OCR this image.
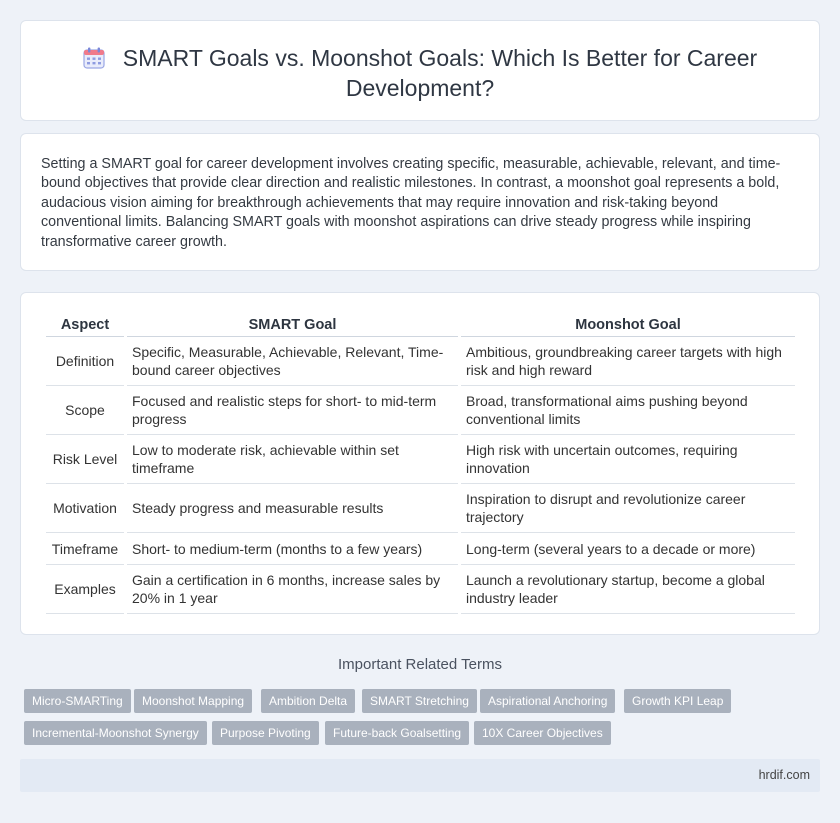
SMART Goals vs. Moonshot Goals: Which Is Better for Career Development?

Setting a SMART goal for career development involves creating specific, measurable, achievable, relevant, and time-bound objectives that provide clear direction and realistic milestones. In contrast, a moonshot goal represents a bold, audacious vision aiming for breakthrough achievements that may require innovation and risk-taking beyond conventional limits. Balancing SMART goals with moonshot aspirations can drive steady progress while inspiring transformative career growth.

Aspect	SMART Goal	Moonshot Goal
Definition	Specific, Measurable, Achievable, Relevant, Time-bound career objectives	Ambitious, groundbreaking career targets with high risk and high reward
Scope	Focused and realistic steps for short- to mid-term progress	Broad, transformational aims pushing beyond conventional limits
Risk Level	Low to moderate risk, achievable within set timeframe	High risk with uncertain outcomes, requiring innovation
Motivation	Steady progress and measurable results	Inspiration to disrupt and revolutionize career trajectory
Timeframe	Short- to medium-term (months to a few years)	Long-term (several years to a decade or more)
Examples	Gain a certification in 6 months, increase sales by 20% in 1 year	Launch a revolutionary startup, become a global industry leader
Important Related Terms
Micro-SMARTing	Moonshot Mapping	Ambition Delta	SMART Stretching	Aspirational Anchoring	Growth KPI Leap
Incremental-Moonshot Synergy	Purpose Pivoting	Future-back Goalsetting	10X Career Objectives
hrdif.com
